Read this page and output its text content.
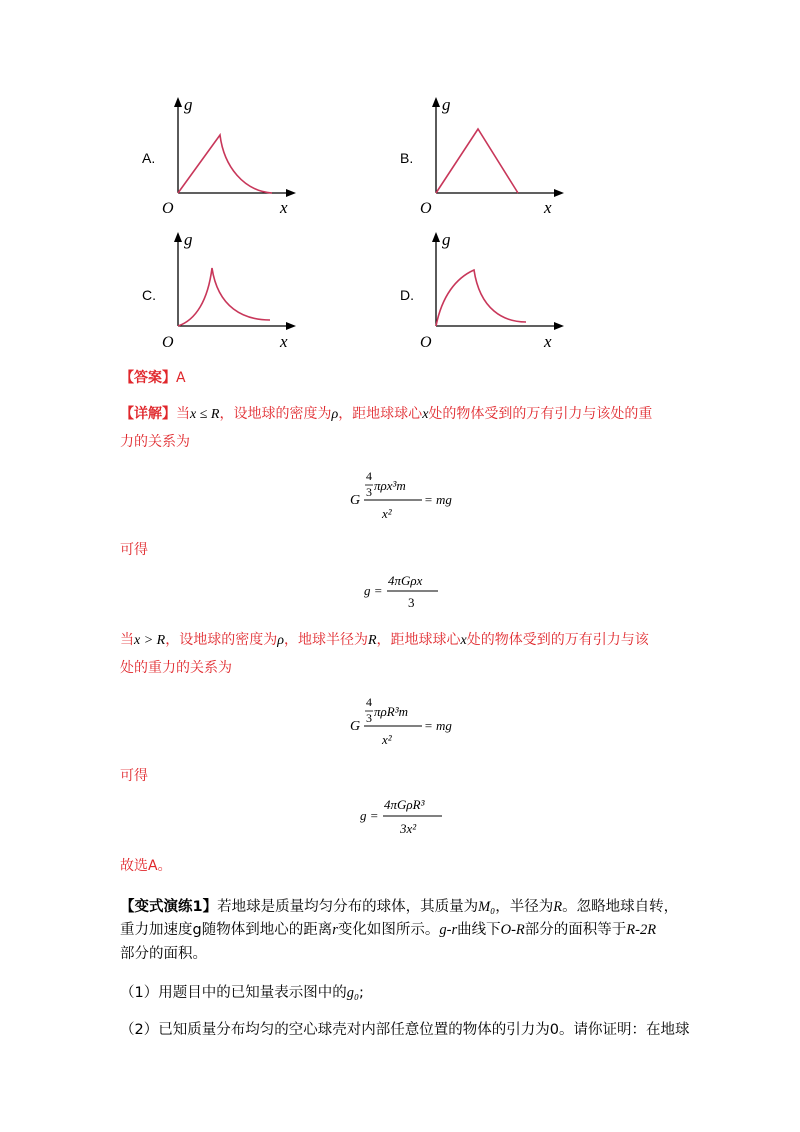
A.	B.
C.	D.
g
O	x
g
O	x
g
O	x
g
O	x
【答案】A
【详解】当x ≤ R，设地球的密度为ρ，距地球球心x处的物体受到的万有引力与该处的重
力的关系为
G
4
3 πρx³m
x²
= mg
可得
g =
4πGρx
3
当x > R，设地球的密度为ρ，地球半径为R，距地球球心x处的物体受到的万有引力与该
处的重力的关系为
G
4
3 πρR³m
x²
= mg
可得
g =
4πGρR³
3x²
故选A。
【变式演练1】若地球是质量均匀分布的球体，其质量为M₀，半径为R。忽略地球自转，
重力加速度g随物体到地心的距离r变化如图所示。g-r曲线下O-R部分的面积等于R-2R
部分的面积。
（1）用题目中的已知量表示图中的g₀;
（2）已知质量分布均匀的空心球壳对内部任意位置的物体的引力为0。请你证明：在地球
